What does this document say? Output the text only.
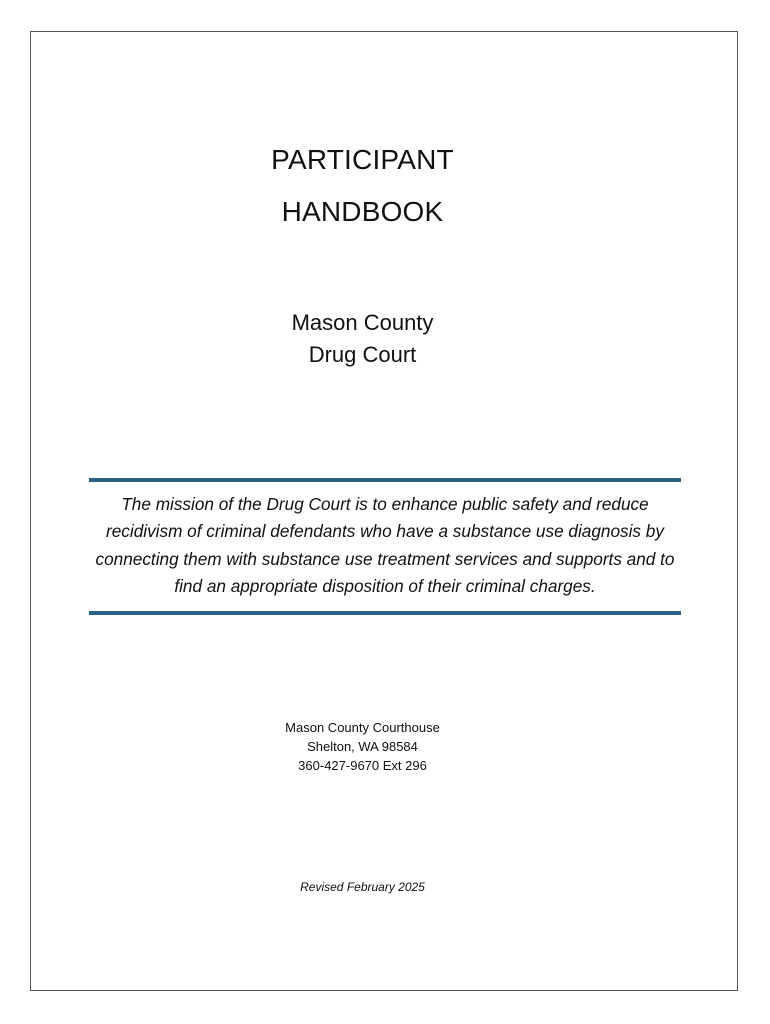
PARTICIPANT
HANDBOOK
Mason County
Drug Court
The mission of the Drug Court is to enhance public safety and reduce recidivism of criminal defendants who have a substance use diagnosis by connecting them with substance use treatment services and supports and to find an appropriate disposition of their criminal charges.
Mason County Courthouse
Shelton, WA 98584
360-427-9670 Ext 296
Revised February 2025
